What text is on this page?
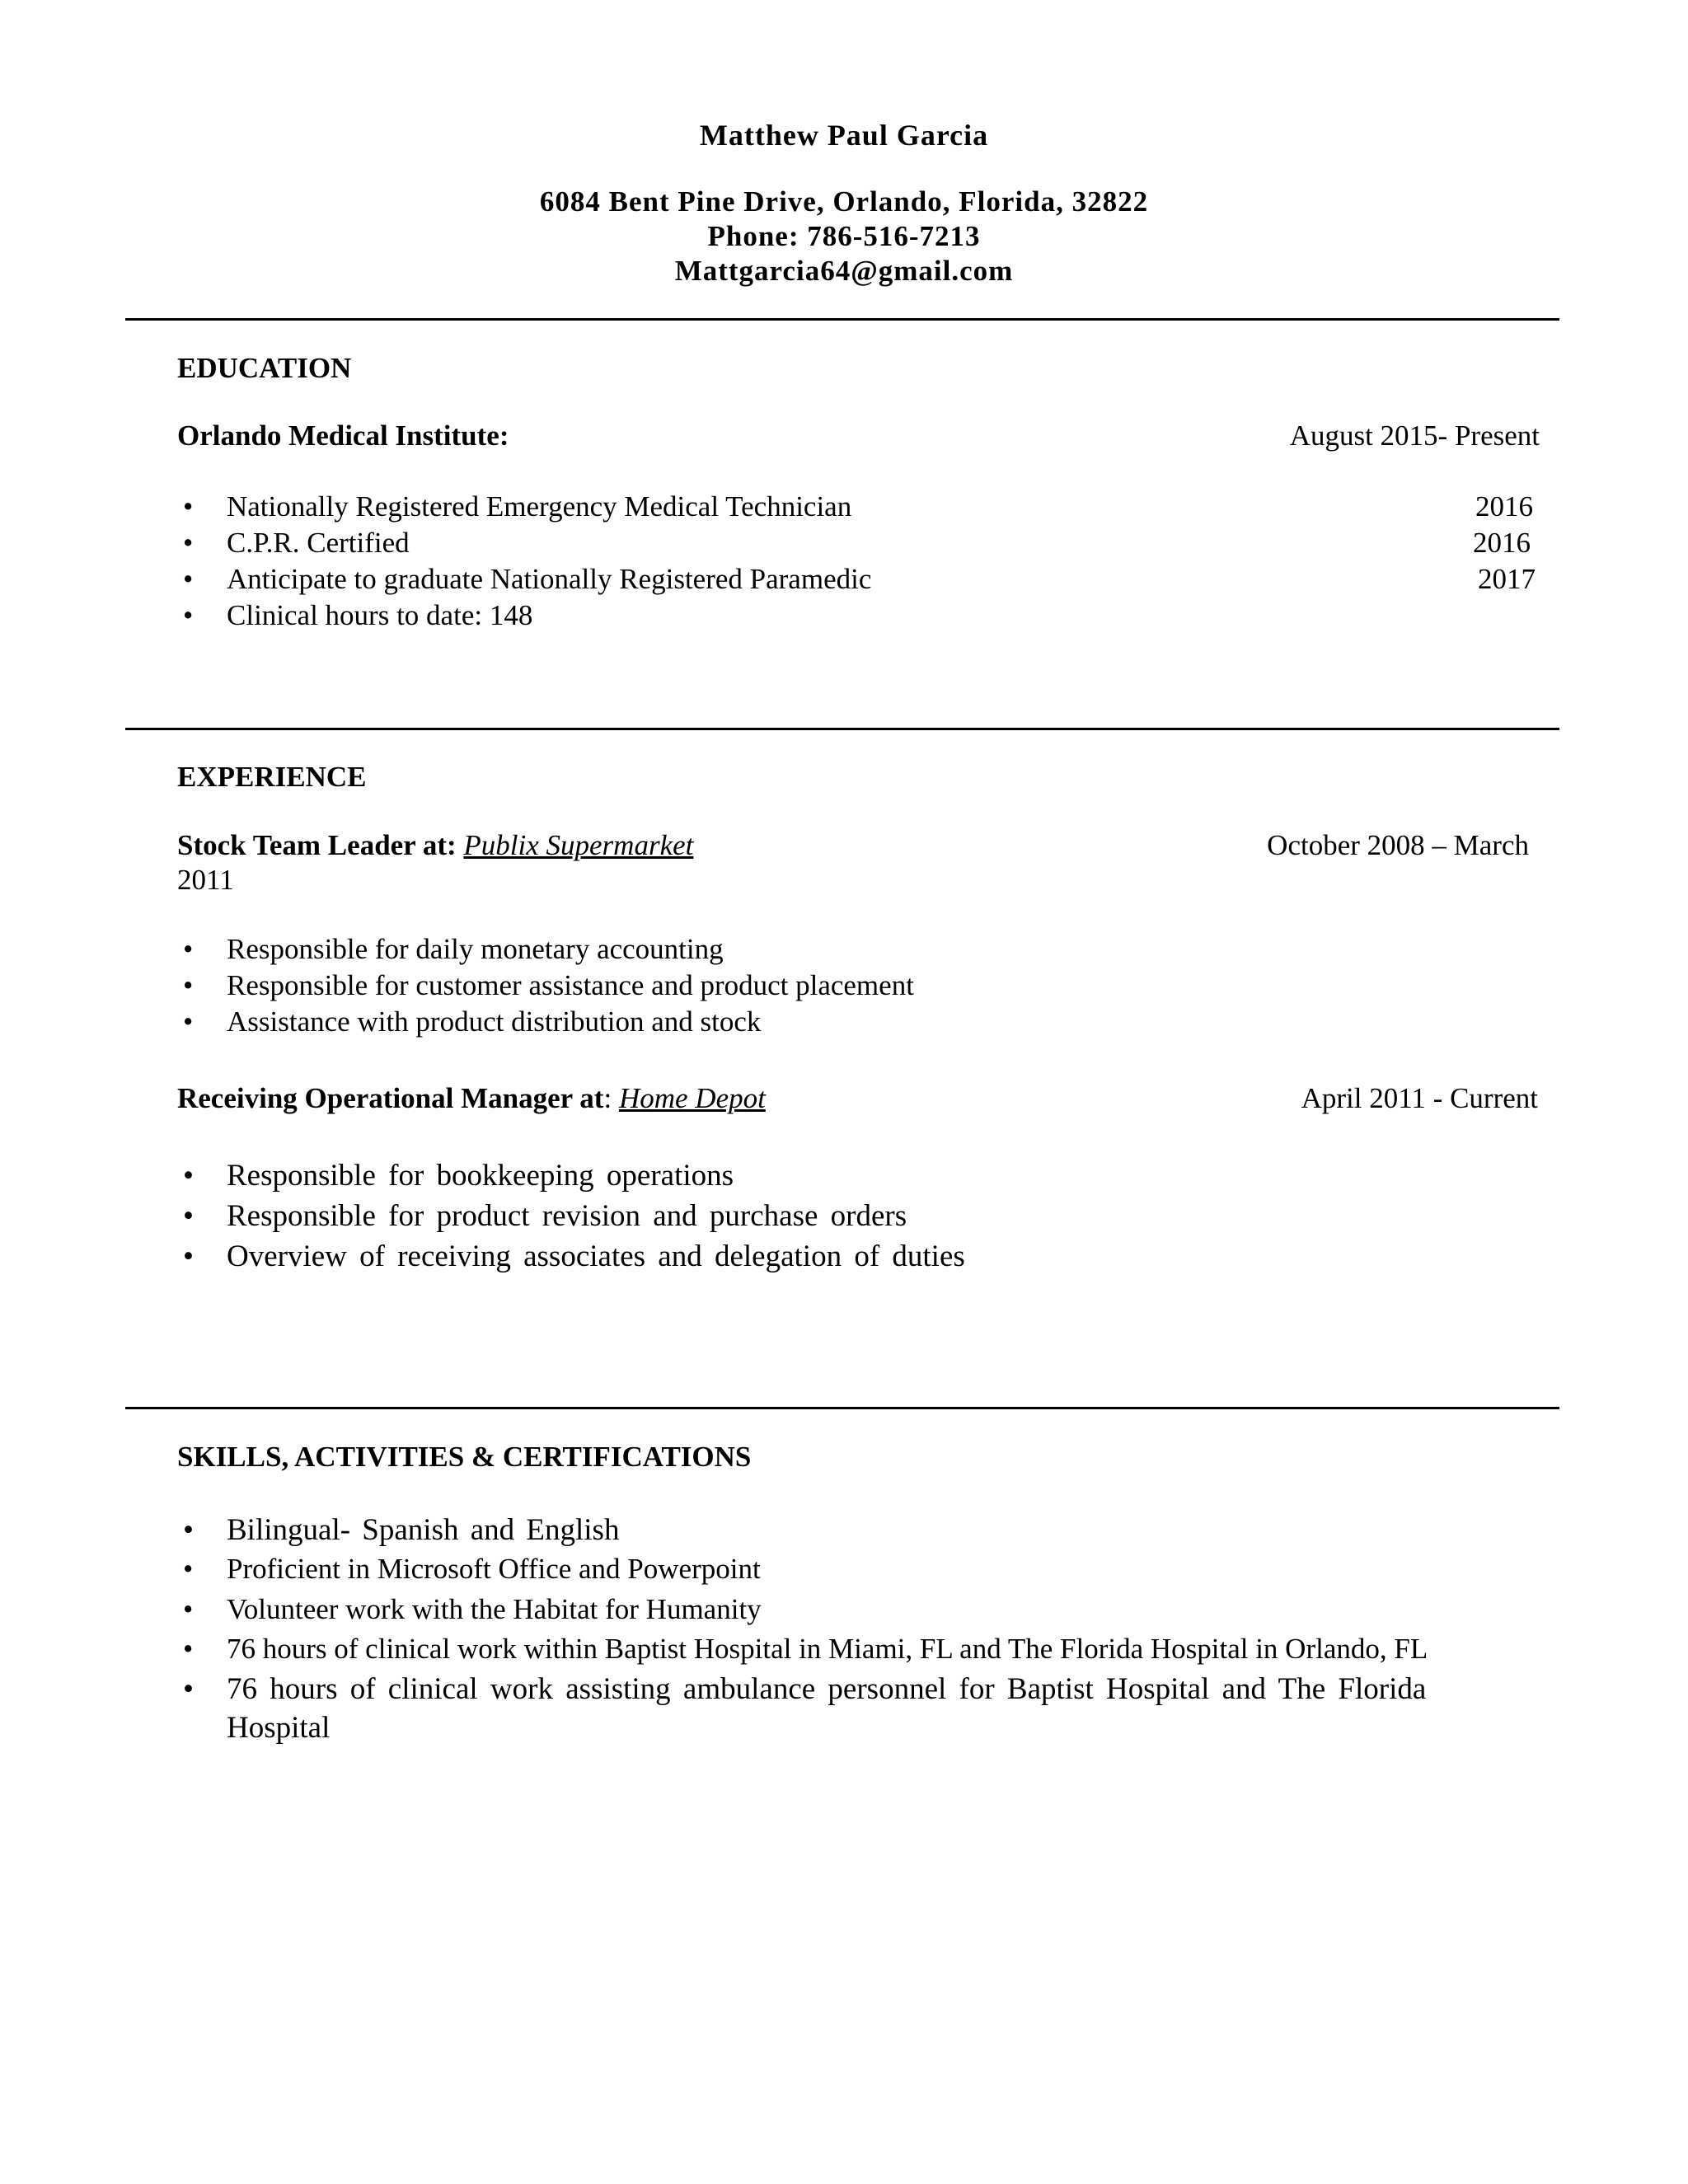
Matthew Paul Garcia
6084 Bent Pine Drive, Orlando, Florida, 32822
Phone: 786-516-7213
Mattgarcia64@gmail.com
EDUCATION
Orlando Medical Institute:	August 2015- Present
• Nationally Registered Emergency Medical Technician	2016
• C.P.R. Certified	2016
• Anticipate to graduate Nationally Registered Paramedic	2017
• Clinical hours to date: 148
EXPERIENCE
Stock Team Leader at: Publix Supermarket	October 2008 – March
2011
• Responsible for daily monetary accounting
• Responsible for customer assistance and product placement
• Assistance with product distribution and stock
Receiving Operational Manager at: Home Depot	April 2011 - Current
• Responsible for bookkeeping operations
• Responsible for product revision and purchase orders
• Overview of receiving associates and delegation of duties
SKILLS, ACTIVITIES & CERTIFICATIONS
• Bilingual- Spanish and English
• Proficient in Microsoft Office and Powerpoint
• Volunteer work with the Habitat for Humanity
• 76 hours of clinical work within Baptist Hospital in Miami, FL and The Florida Hospital in Orlando, FL
• 76 hours of clinical work assisting ambulance personnel for Baptist Hospital and The Florida
Hospital
